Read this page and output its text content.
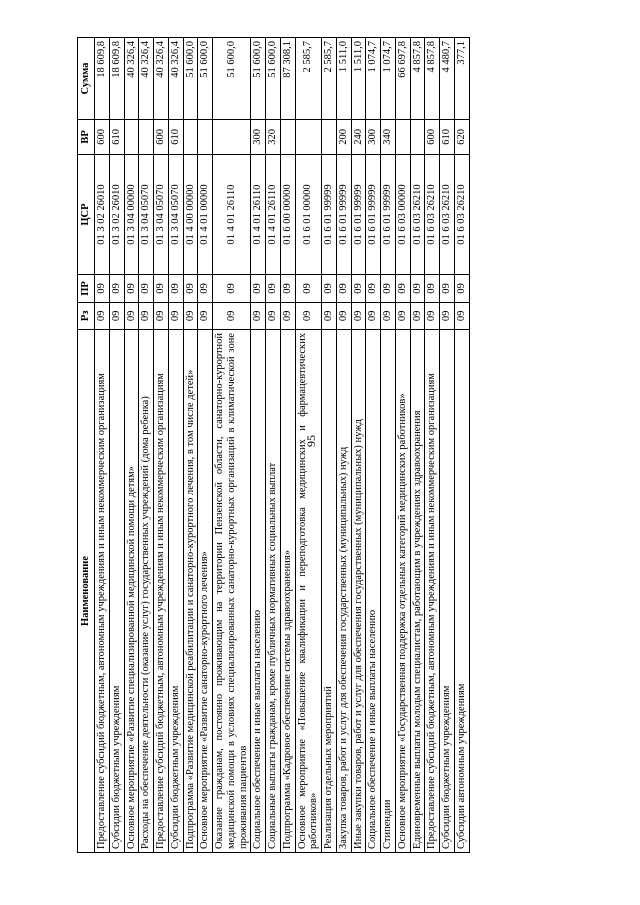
95
Наименование	Рз	ПР	ЦСР	ВР	Сумма
Предоставление субсидий бюджетным, автономным учреждениям и иным некоммерческим организациям	09	09	01 3 02 26010	600	18 609,8
Субсидии бюджетным учреждениям	09	09	01 3 02 26010	610	18 609,8
Основное мероприятие «Развитие специализированной медицинской помощи детям»	09	09	01 3 04 00000		40 326,4
Расходы на обеспечение деятельности (оказание услуг) государственных учреждений (дома ребенка)	09	09	01 3 04 05070		40 326,4
Предоставление субсидий бюджетным, автономным учреждениям и иным некоммерческим организациям	09	09	01 3 04 05070	600	40 326,4
Субсидии бюджетным учреждениям	09	09	01 3 04 05070	610	40 326,4
Подпрограмма «Развитие медицинской реабилитации и санаторно-курортного лечения, в том числе детей»	09	09	01 4 00 00000		51 600,0
Основное мероприятие «Развитие санаторно-курортного лечения»	09	09	01 4 01 00000		51 600,0
Оказание гражданам, постоянно проживающим на территории Пензенской области, санаторно-курортной медицинской помощи в условиях специализированных санаторно-курортных организаций в климатической зоне проживания пациентов	09	09	01 4 01 26110		51 600,0
Социальное обеспечение и иные выплаты населению	09	09	01 4 01 26110	300	51 600,0
Социальные выплаты гражданам, кроме публичных нормативных социальных выплат	09	09	01 4 01 26110	320	51 600,0
Подпрограмма «Кадровое обеспечение системы здравоохранения»	09	09	01 6 00 00000		87 308,1
Основное мероприятие «Повышение квалификации и переподготовка медицинских и фармацевтических работников»	09	09	01 6 01 00000		2 585,7
Реализация отдельных мероприятий	09	09	01 6 01 99999		2 585,7
Закупка товаров, работ и услуг для обеспечения государственных (муниципальных) нужд	09	09	01 6 01 99999	200	1 511,0
Иные закупки товаров, работ и услуг для обеспечения государственных (муниципальных) нужд	09	09	01 6 01 99999	240	1 511,0
Социальное обеспечение и иные выплаты населению	09	09	01 6 01 99999	300	1 074,7
Стипендии	09	09	01 6 01 99999	340	1 074,7
Основное мероприятие «Государственная поддержка отдельных категорий медицинских работников»	09	09	01 6 03 00000		66 697,8
Единовременные выплаты молодым специалистам, работающим в учреждениях здравоохранения	09	09	01 6 03 26210		4 857,8
Предоставление субсидий бюджетным, автономным учреждениям и иным некоммерческим организациям	09	09	01 6 03 26210	600	4 857,8
Субсидии бюджетным учреждениям	09	09	01 6 03 26210	610	4 480,7
Субсидии автономным учреждениям	09	09	01 6 03 26210	620	377,1
